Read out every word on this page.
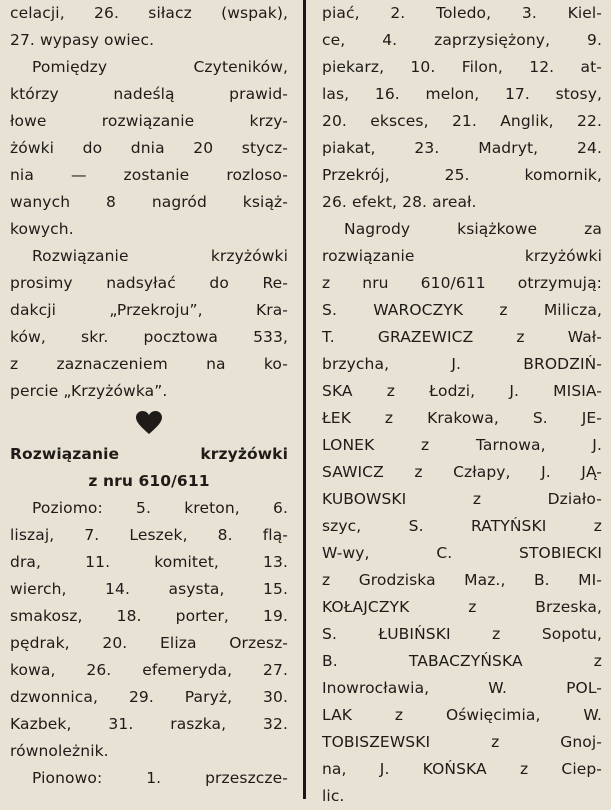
celacji, 26. siłacz (wspak),
27. wypasy owiec.
Pomiędzy Czyteników,
którzy nadeślą prawid-
łowe rozwiązanie krzy-
żówki do dnia 20 stycz-
nia — zostanie rozloso-
wanych 8 nagród książ-
kowych.
Rozwiązanie krzyżówki
prosimy nadsyłać do Re-
dakcji „Przekroju”, Kra-
ków, skr. pocztowa 533,
z zaznaczeniem na ko-
percie „Krzyżówka”.
Rozwiązanie krzyżówki
z nru 610/611
Poziomo: 5. kreton, 6.
liszaj, 7. Leszek, 8. flą-
dra, 11. komitet, 13.
wierch, 14. asysta, 15.
smakosz, 18. porter, 19.
pędrak, 20. Eliza Orzesz-
kowa, 26. efemeryda, 27.
dzwonnica, 29. Paryż, 30.
Kazbek, 31. raszka, 32.
równoleżnik.
Pionowo: 1. przeszcze-
piać, 2. Toledo, 3. Kiel-
ce, 4. zaprzysiężony, 9.
piekarz, 10. Filon, 12. at-
las, 16. melon, 17. stosy,
20. eksces, 21. Anglik, 22.
piakat, 23. Madryt, 24.
Przekrój, 25. komornik,
26. efekt, 28. areał.
Nagrody książkowe za
rozwiązanie krzyżówki
z nru 610/611 otrzymują:
S. WAROCZYK z Milicza,
T. GRAZEWICZ z Wał-
brzycha, J. BRODZIŃ-
SKA z Łodzi, J. MISIA-
ŁEK z Krakowa, S. JE-
LONEK z Tarnowa, J.
SAWICZ z Człapy, J. JĄ-
KUBOWSKI z Działo-
szyc, S. RATYŃSKI z
W-wy, C. STOBIECKI
z Grodziska Maz., B. MI-
KOŁAJCZYK z Brzeska,
S. ŁUBIŃSKI z Sopotu,
B. TABACZYŃSKA z
Inowrocławia, W. POL-
LAK z Oświęcimia, W.
TOBISZEWSKI z Gnoj-
na, J. KOŃSKA z Ciep-
lic.
